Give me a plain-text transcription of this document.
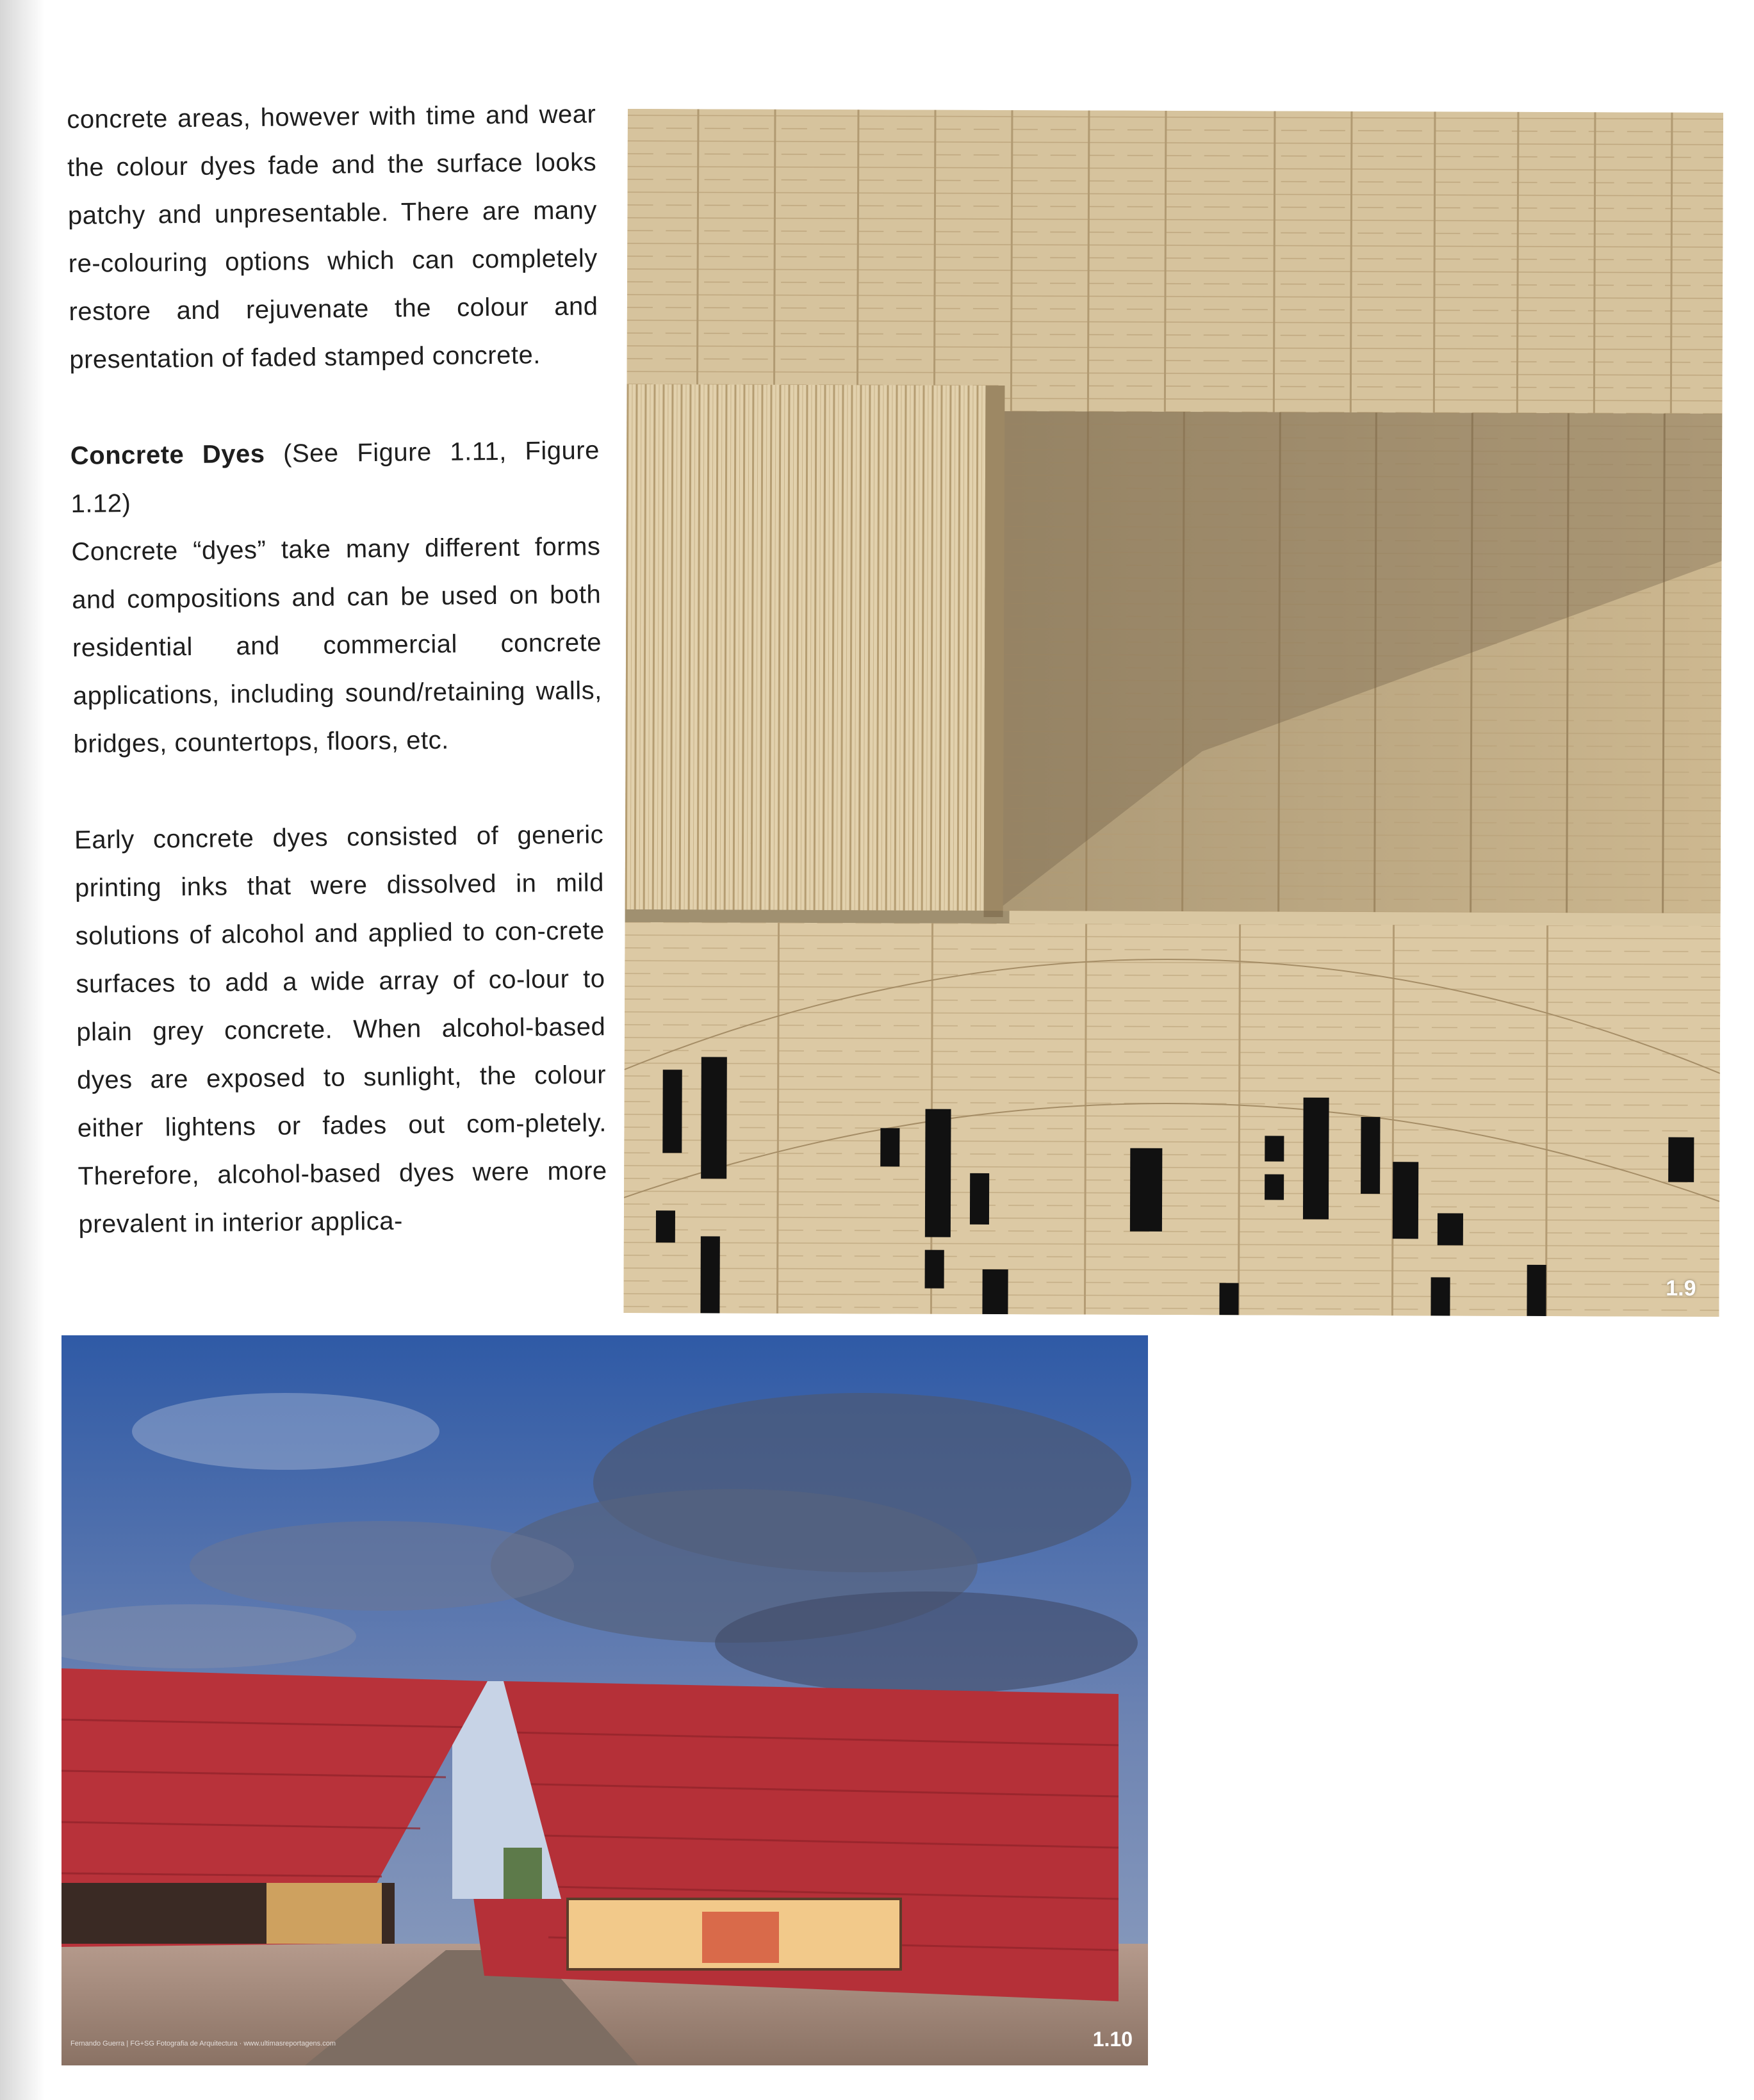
concrete areas, however with time and wear the colour dyes fade and the surface looks patchy and unpresentable. There are many re-colouring options which can completely restore and rejuvenate the colour and presentation of faded stamped concrete.

Concrete Dyes (See Figure 1.11, Figure 1.12)

Concrete “dyes” take many different forms and compositions and can be used on both residential and commercial concrete applications, including sound/retaining walls, bridges, countertops, floors, etc.

Early concrete dyes consisted of generic printing inks that were dissolved in mild solutions of alcohol and applied to con-crete surfaces to add a wide array of co-lour to plain grey concrete. When alcohol-based dyes are exposed to sunlight, the colour either lightens or fades out com-pletely. Therefore, alcohol-based dyes were more prevalent in interior applica-

1.9
Fernando Guerra | FG+SG Fotografia de Arquitectura · www.ultimasreportagens.com	1.10
